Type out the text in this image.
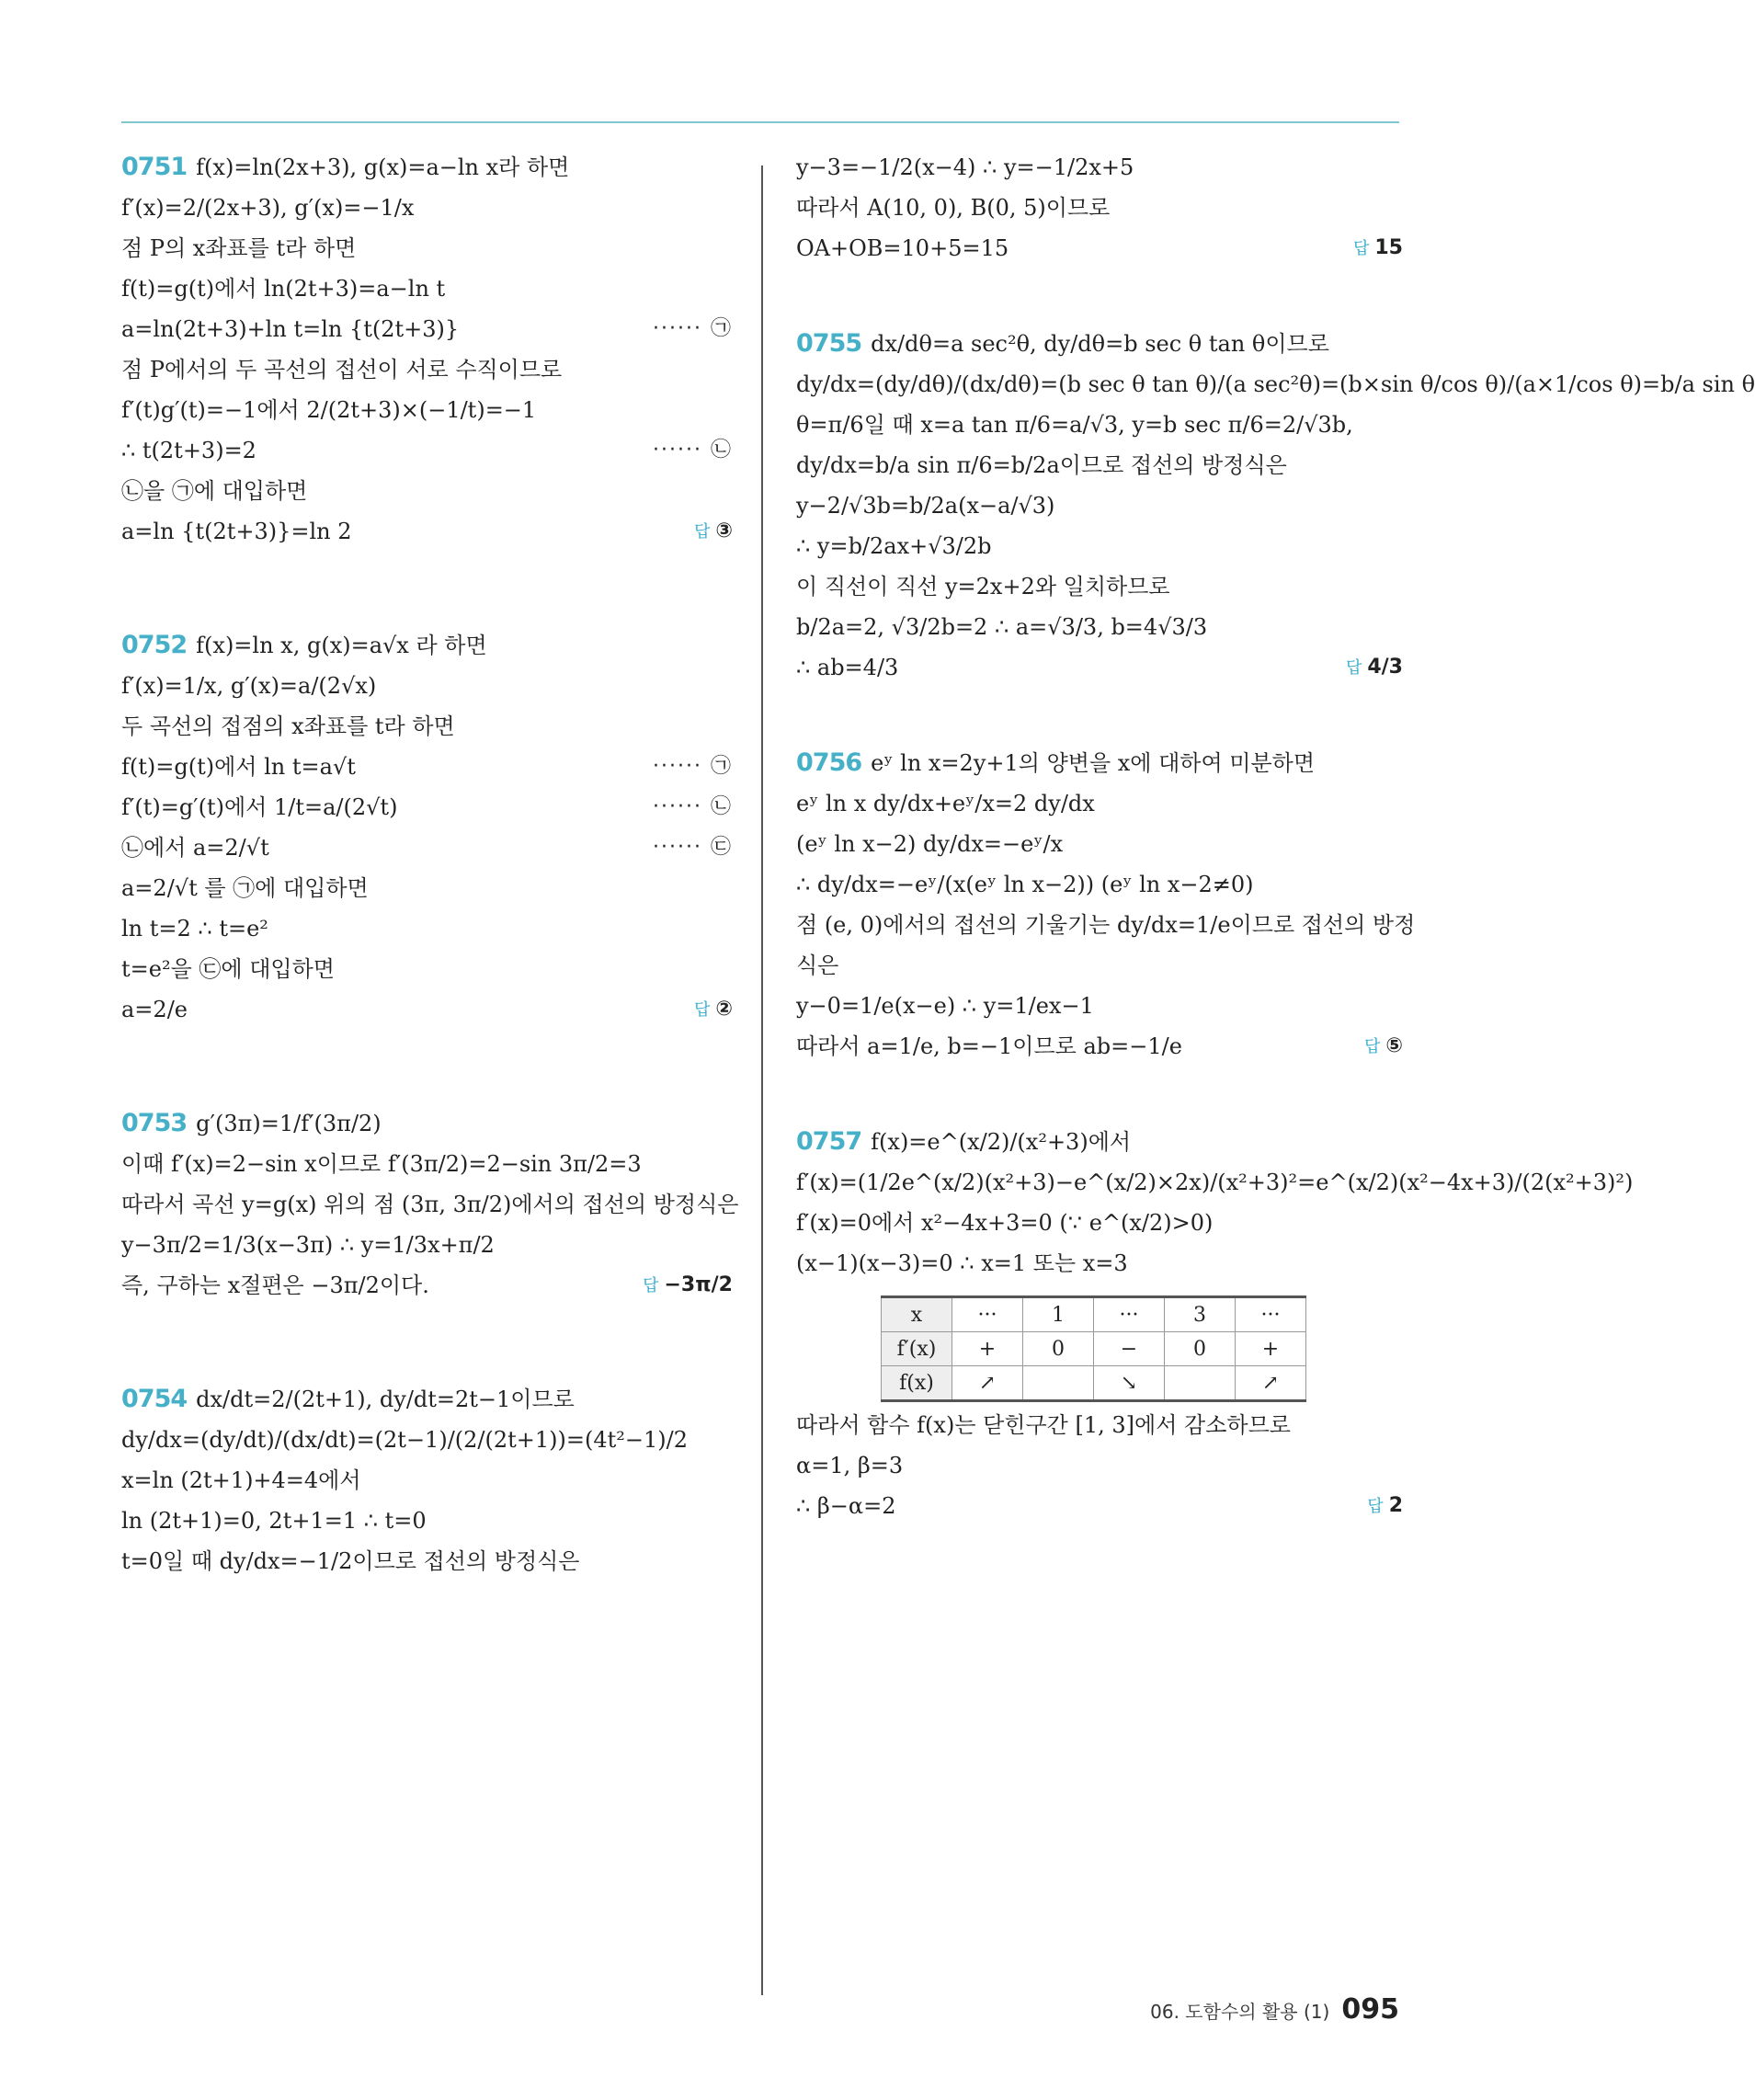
0751 f(x)=ln(2x+3), g(x)=a−ln x라 하면
f′(x)=2/(2x+3), g′(x)=−1/x
점 P의 x좌표를 t라 하면
f(t)=g(t)에서 ln(2t+3)=a−ln t
a=ln(2t+3)+ln t=ln {t(2t+3)}	······ ㉠
점 P에서의 두 곡선의 접선이 서로 수직이므로
f′(t)g′(t)=−1에서 2/(2t+3)×(−1/t)=−1
∴ t(2t+3)=2	······ ㉡
㉡을 ㉠에 대입하면
a=ln {t(2t+3)}=ln 2	답 ③
0752 f(x)=ln x, g(x)=a√x 라 하면
f′(x)=1/x, g′(x)=a/(2√x)
두 곡선의 접점의 x좌표를 t라 하면
f(t)=g(t)에서 ln t=a√t	······ ㉠
f′(t)=g′(t)에서 1/t=a/(2√t)	······ ㉡
㉡에서 a=2/√t	······ ㉢
a=2/√t 를 ㉠에 대입하면
ln t=2 ∴ t=e²
t=e²을 ㉢에 대입하면
a=2/e	답 ②
0753 g′(3π)=1/f′(3π/2)
이때 f′(x)=2−sin x이므로 f′(3π/2)=2−sin 3π/2=3
따라서 곡선 y=g(x) 위의 점 (3π, 3π/2)에서의 접선의 방정식은
y−3π/2=1/3(x−3π) ∴ y=1/3x+π/2
즉, 구하는 x절편은 −3π/2이다.	답 −3π/2
0754 dx/dt=2/(2t+1), dy/dt=2t−1이므로
dy/dx=(dy/dt)/(dx/dt)=(2t−1)/(2/(2t+1))=(4t²−1)/2
x=ln (2t+1)+4=4에서
ln (2t+1)=0, 2t+1=1 ∴ t=0
t=0일 때 dy/dx=−1/2이므로 접선의 방정식은
y−3=−1/2(x−4) ∴ y=−1/2x+5
따라서 A(10, 0), B(0, 5)이므로
OA+OB=10+5=15	답 15
0755 dx/dθ=a sec²θ, dy/dθ=b sec θ tan θ이므로
dy/dx=(dy/dθ)/(dx/dθ)=(b sec θ tan θ)/(a sec²θ)=(b×sin θ/cos θ)/(a×1/cos θ)=b/a sin θ
θ=π/6일 때 x=a tan π/6=a/√3, y=b sec π/6=2/√3b,
dy/dx=b/a sin π/6=b/2a이므로 접선의 방정식은
y−2/√3b=b/2a(x−a/√3)
∴ y=b/2ax+√3/2b
이 직선이 직선 y=2x+2와 일치하므로
b/2a=2, √3/2b=2 ∴ a=√3/3, b=4√3/3
∴ ab=4/3	답 4/3
0756 eʸ ln x=2y+1의 양변을 x에 대하여 미분하면
eʸ ln x dy/dx+eʸ/x=2 dy/dx
(eʸ ln x−2) dy/dx=−eʸ/x
∴ dy/dx=−eʸ/(x(eʸ ln x−2)) (eʸ ln x−2≠0)
점 (e, 0)에서의 접선의 기울기는 dy/dx=1/e이므로 접선의 방정
식은
y−0=1/e(x−e) ∴ y=1/ex−1
따라서 a=1/e, b=−1이므로 ab=−1/e	답 ⑤
0757 f(x)=e^(x/2)/(x²+3)에서
f′(x)=(1/2e^(x/2)(x²+3)−e^(x/2)×2x)/(x²+3)²=e^(x/2)(x²−4x+3)/(2(x²+3)²)
f′(x)=0에서 x²−4x+3=0 (∵ e^(x/2)>0)
(x−1)(x−3)=0 ∴ x=1 또는 x=3
x	···	1	···	3	···
f′(x)	+	0	−	0	+
f(x)	↗		↘		↗
따라서 함수 f(x)는 닫힌구간 [1, 3]에서 감소하므로
α=1, β=3
∴ β−α=2	답 2
06. 도함수의 활용 (1) 095
